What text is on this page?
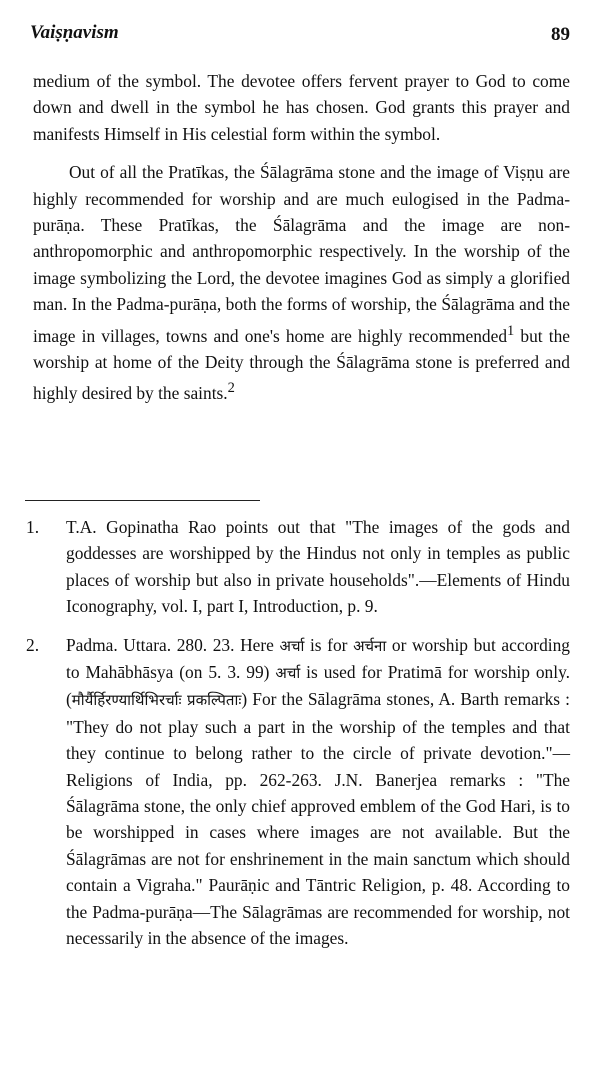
Vaiṣṇavism	89

medium of the symbol. The devotee offers fervent prayer to God to come down and dwell in the symbol he has chosen. God grants this prayer and manifests Himself in His celestial form within the symbol.

Out of all the Pratīkas, the Śālagrāma stone and the image of Viṣṇu are highly recommended for worship and are much eulogised in the Padma-purāṇa. These Pratīkas, the Śālagrāma and the image are non-anthropomorphic and anthropomorphic respectively. In the worship of the image symbolizing the Lord, the devotee imagines God as simply a glorified man. In the Padma-purāṇa, both the forms of worship, the Śālagrāma and the image in villages, towns and one's home are highly recommended$^1$ but the worship at home of the Deity through the Śālagrāma stone is preferred and highly desired by the saints.$^2$

1. T.A. Gopinatha Rao points out that "The images of the gods and goddesses are worshipped by the Hindus not only in temples as public places of worship but also in private households".—Elements of Hindu Iconography, vol. I, part I, Introduction, p. 9.
2. Padma. Uttara. 280. 23. Here अर्चा is for अर्चना or worship but according to Mahābhāsya (on 5. 3. 99) अर्चा is used for Pratimā for worship only. (मौर्यैर्हिरण्यार्थिभिरर्चाः प्रकल्पिताः) For the Sālagrāma stones, A. Barth remarks : "They do not play such a part in the worship of the temples and that they continue to belong rather to the circle of private devotion."—Religions of India, pp. 262-263. J.N. Banerjea remarks : "The Śālagrāma stone, the only chief approved emblem of the God Hari, is to be worshipped in cases where images are not available. But the Śālagrāmas are not for enshrinement in the main sanctum which should contain a Vigraha." Paurāṇic and Tāntric Religion, p. 48. According to the Padma-purāṇa—The Sālagrāmas are recommended for worship, not necessarily in the absence of the images.
